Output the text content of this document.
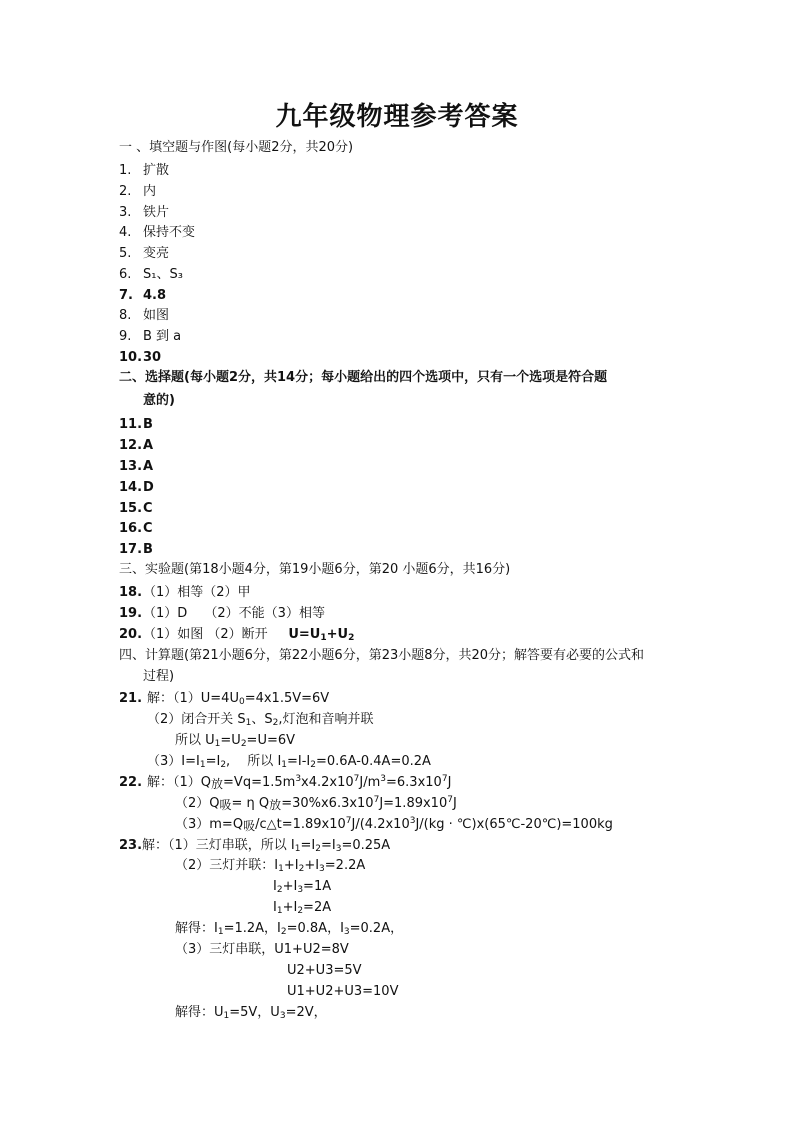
九年级物理参考答案
一 、填空题与作图(每小题2分，共20分)
1. 扩散
2. 内
3. 铁片
4. 保持不变
5. 变亮
6. S₁、S₃
7. 4.8
8. 如图
9. B 到 a
10.30
二、选择题(每小题2分，共14分；每小题给出的四个选项中，只有一个选项是符合题
意的)
11.B
12.A
13.A
14.D
15.C
16.C
17.B
三、实验题(第18小题4分，第19小题6分，第20 小题6分，共16分)
18.（1）相等（2）甲
19.（1）D　 （2）不能（3）相等
20.（1）如图 （2）断开 $U=U_1+U_2$
四、计算题(第21小题6分，第22小题6分，第23小题8分，共20分；解答要有必要的公式和
过程)
21. 解：$(1)U=4U_0=4x1.5V=6V$
（2）闭合开关 $S_1$、$S_2$,灯泡和音响并联
所以 $U_1=U_2=U=6V$
$(3)I=I_1=I_2$,　 所以 $I_1=I-I_2=0.6A-0.4A=0.2A$
22. 解：$(1)Q_放=Vq=1.5m^3x4.2x10^7J/m^3=6.3x10^7J$
$(2)Q_吸= \eta$ $Q_放=30\%x6.3x10^7J=1.89x10^7J$
$(3)m=Q_吸/c\triangle t=1.89x10^7J/(4.2x10^3J/(kg$ · ℃)x(65℃-20℃)=100kg
23.解：（1）三灯串联，所以 $I_1=I_2=I_3=0.25A$
（2）三灯并联：$I_1+I_2+I_3=2.2A$
$I_2+I_3=1A$
$I_1+I_2=2A$
解得：$I_1=1.2A$，$I_2=0.8A$，$I_3=0.2A$，
（3）三灯串联，U1+U2=8V
U2+U3=5V
U1+U2+U3=10V
解得：$U_1=5V$，$U_3=2V$，
